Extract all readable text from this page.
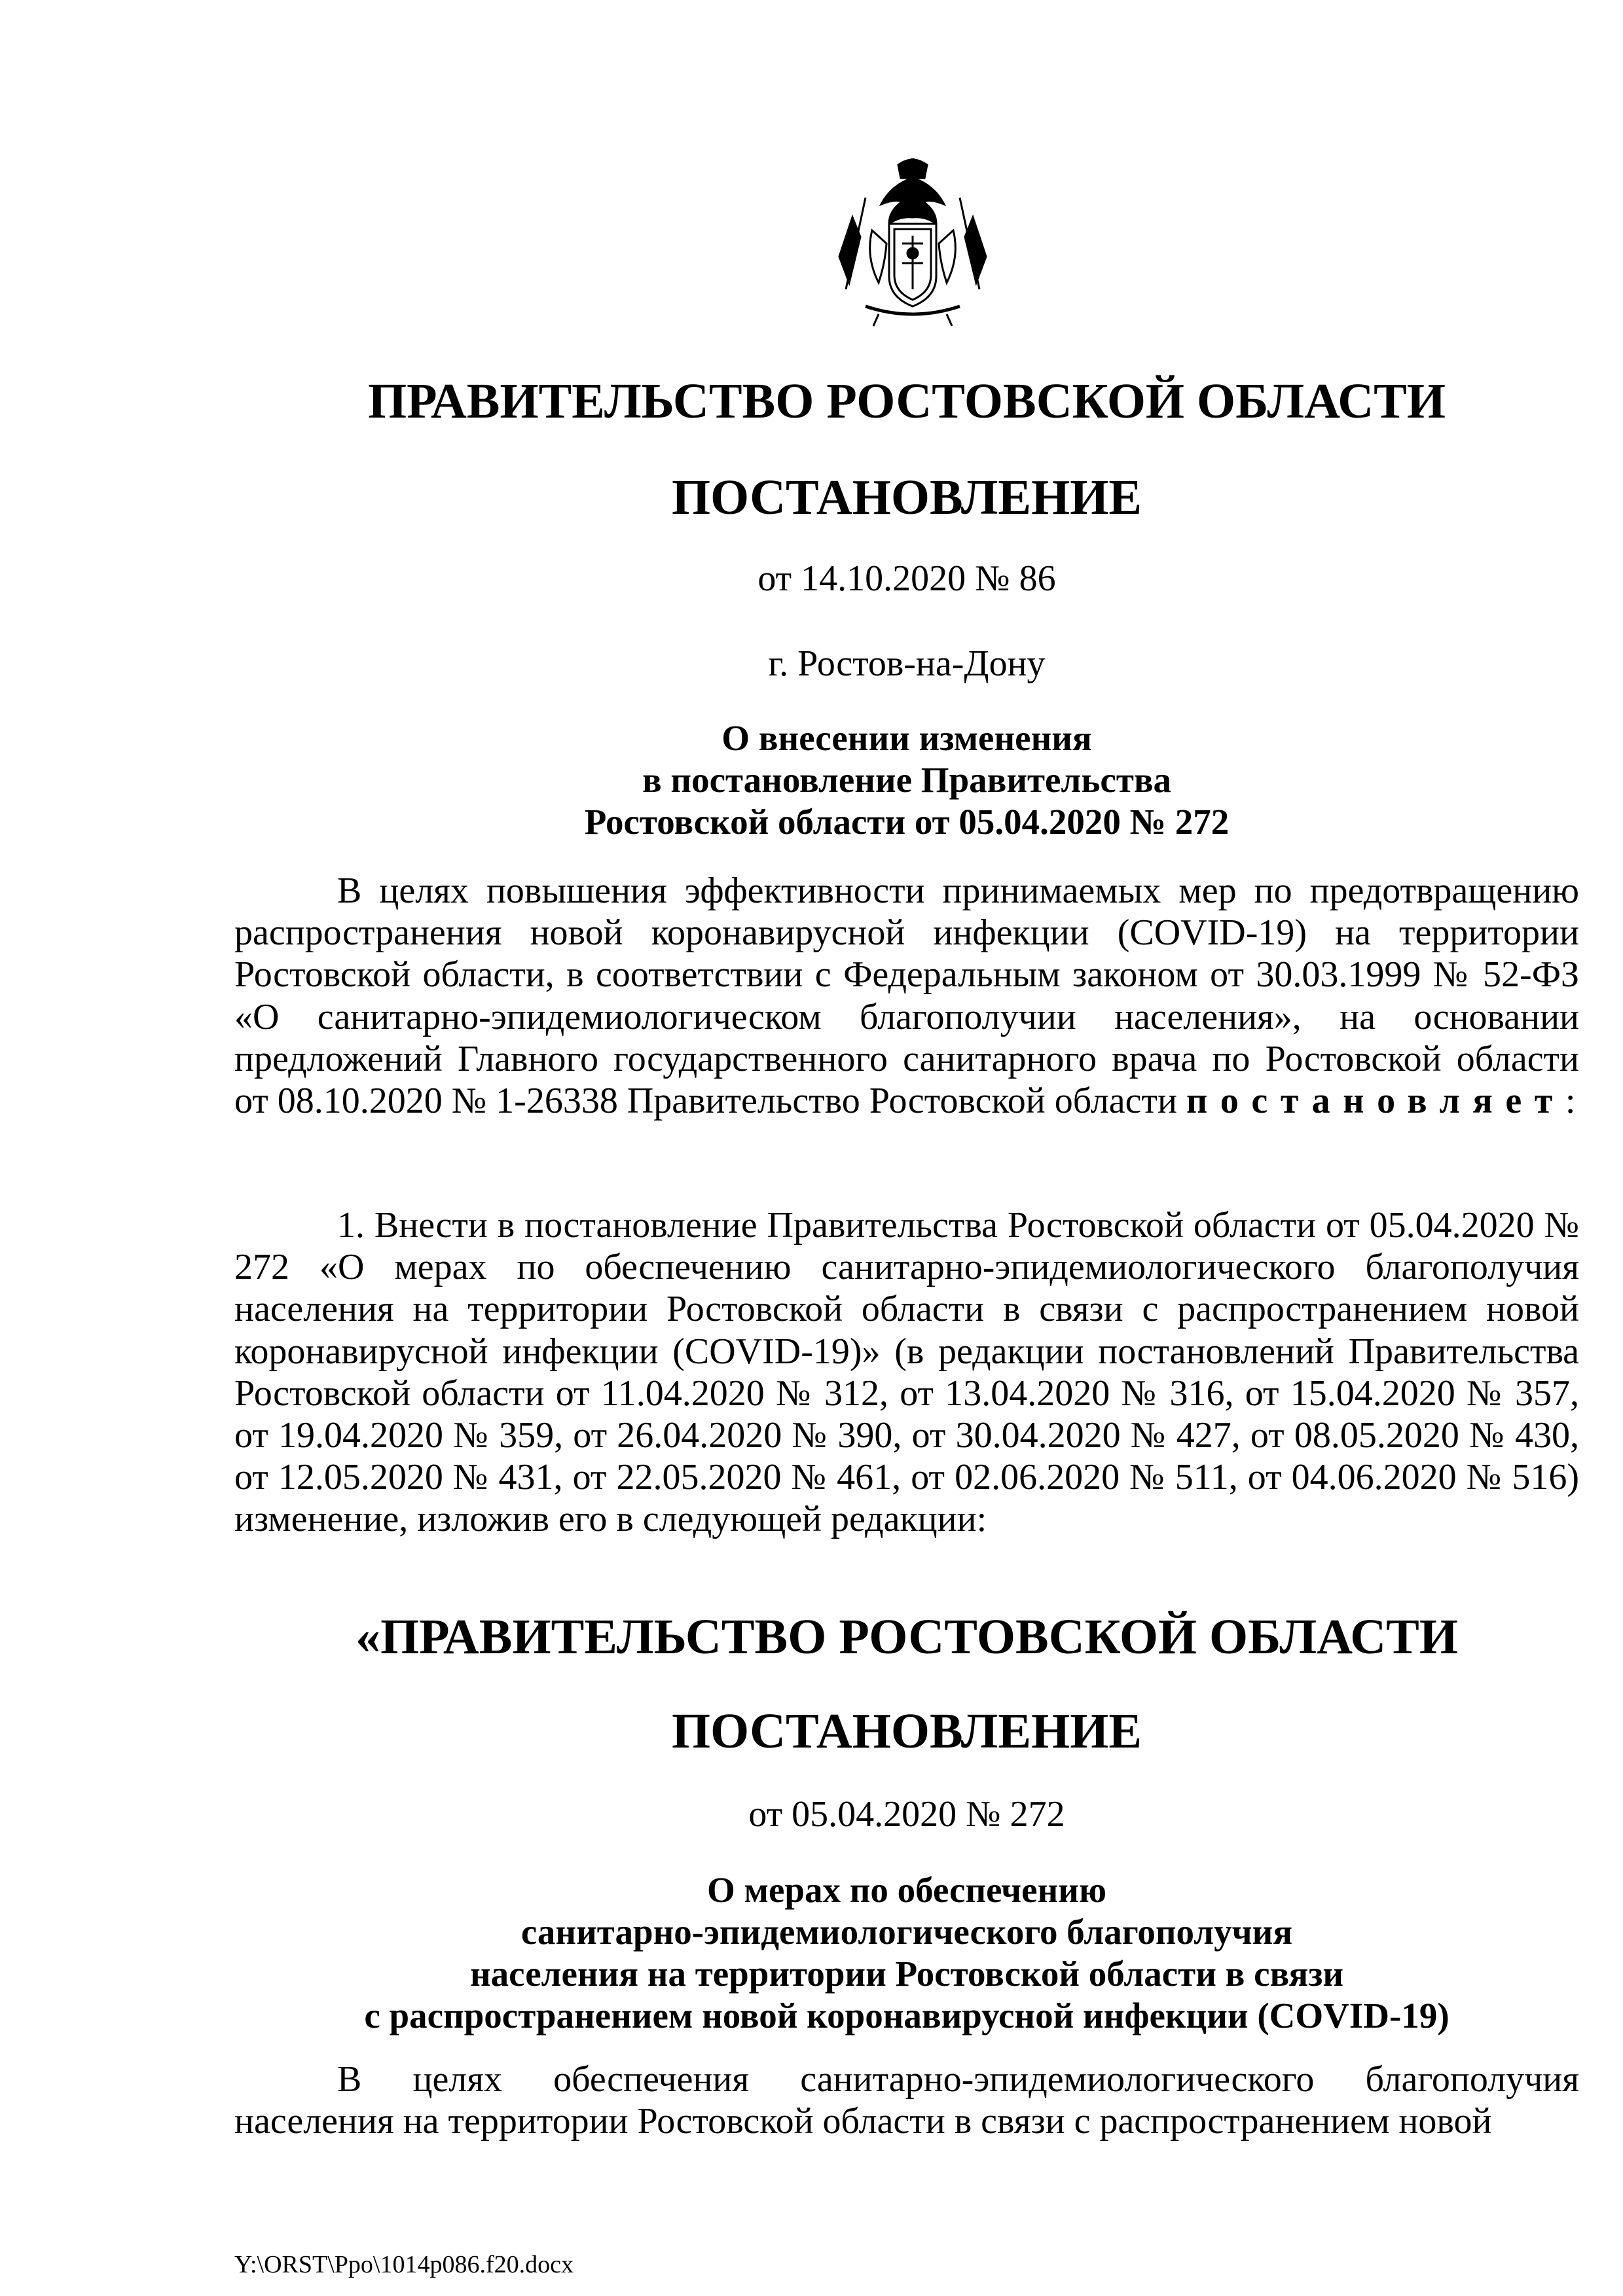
ПРАВИТЕЛЬСТВО РОСТОВСКОЙ ОБЛАСТИ
ПОСТАНОВЛЕНИЕ
от 14.10.2020 № 86
г. Ростов-на-Дону
О внесении изменения
в постановление Правительства
Ростовской области от 05.04.2020 № 272
В целях повышения эффективности принимаемых мер по предотвращению распространения новой коронавирусной инфекции (COVID-19) на территории Ростовской области, в соответствии с Федеральным законом от 30.03.1999 № 52-ФЗ «О санитарно-эпидемиологическом благополучии населения», на основании предложений Главного государственного санитарного врача по Ростовской области от 08.10.2020 № 1-26338 Правительство Ростовской области постановляет:
1. Внести в постановление Правительства Ростовской области от 05.04.2020 № 272 «О мерах по обеспечению санитарно-эпидемиологического благополучия населения на территории Ростовской области в связи с распространением новой коронавирусной инфекции (COVID-19)» (в редакции постановлений Правительства Ростовской области от 11.04.2020 № 312, от 13.04.2020 № 316, от 15.04.2020 № 357, от 19.04.2020 № 359, от 26.04.2020 № 390, от 30.04.2020 № 427, от 08.05.2020 № 430, от 12.05.2020 № 431, от 22.05.2020 № 461, от 02.06.2020 № 511, от 04.06.2020 № 516) изменение, изложив его в следующей редакции:
«ПРАВИТЕЛЬСТВО РОСТОВСКОЙ ОБЛАСТИ
ПОСТАНОВЛЕНИЕ
от 05.04.2020 № 272
О мерах по обеспечению
санитарно-эпидемиологического благополучия
населения на территории Ростовской области в связи
с распространением новой коронавирусной инфекции (COVID-19)
В целях обеспечения санитарно-эпидемиологического благополучия населения на территории Ростовской области в связи с распространением новой
Y:\ORST\Ppo\1014p086.f20.docx
